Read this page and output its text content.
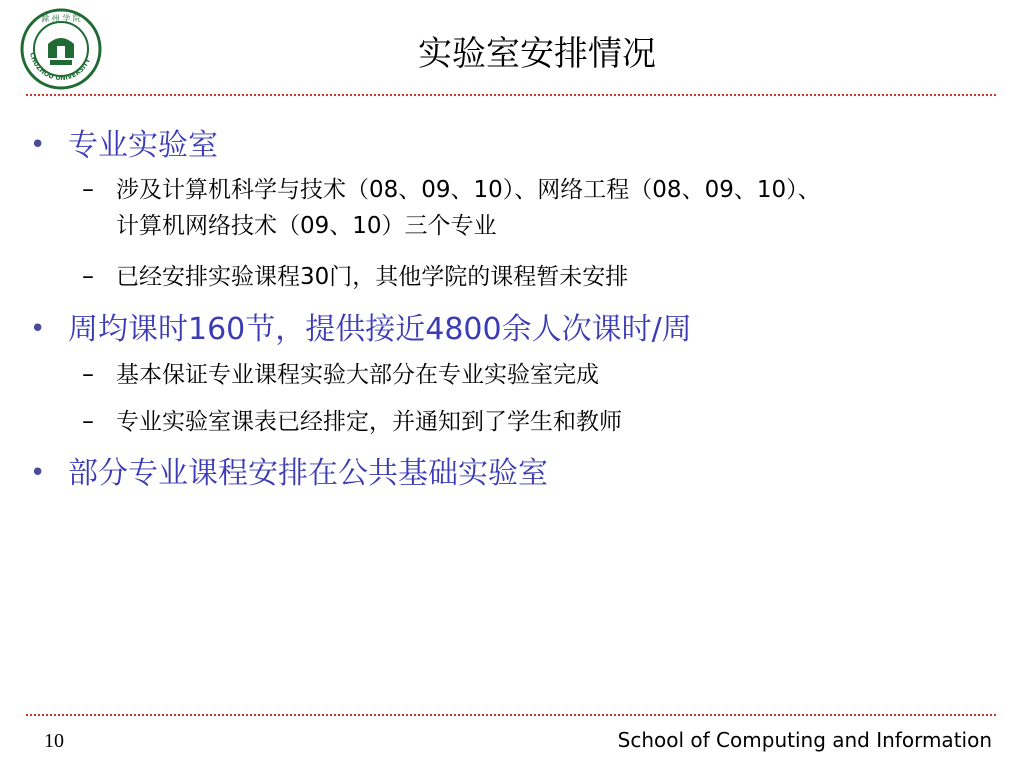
1950
CHUZHOU UNIVERSITY
滁 州 学 院
实验室安排情况
• 专业实验室
– 涉及计算机科学与技术（08、09、10）、网络工程（08、09、10）、
计算机网络技术（09、10）三个专业
– 已经安排实验课程30门，其他学院的课程暂未安排
• 周均课时160节，提供接近4800余人次课时/周
– 基本保证专业课程实验大部分在专业实验室完成
– 专业实验室课表已经排定，并通知到了学生和教师
• 部分专业课程安排在公共基础实验室
10	School of Computing and Information
